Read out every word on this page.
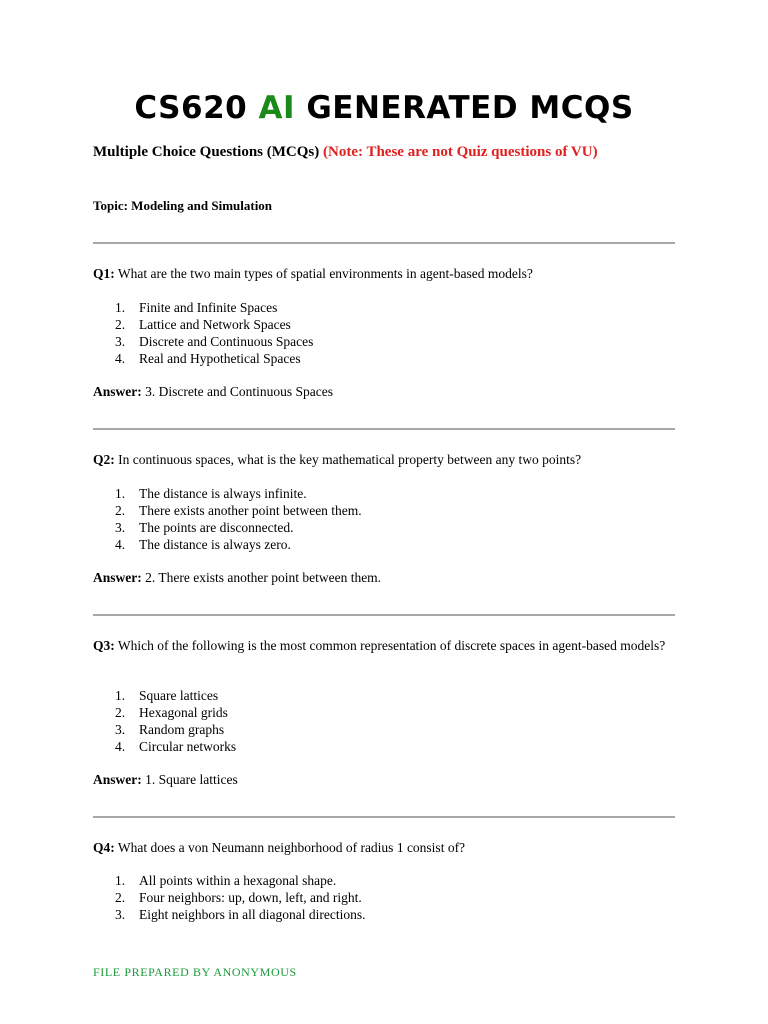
CS620 AI GENERATED MCQS
Multiple Choice Questions (MCQs) (Note: These are not Quiz questions of VU)
Topic: Modeling and Simulation
Q1: What are the two main types of spatial environments in agent-based models?
1. Finite and Infinite Spaces
2. Lattice and Network Spaces
3. Discrete and Continuous Spaces
4. Real and Hypothetical Spaces
Answer: 3. Discrete and Continuous Spaces
Q2: In continuous spaces, what is the key mathematical property between any two points?
1. The distance is always infinite.
2. There exists another point between them.
3. The points are disconnected.
4. The distance is always zero.
Answer: 2. There exists another point between them.
Q3: Which of the following is the most common representation of discrete spaces in agent-based models?
1. Square lattices
2. Hexagonal grids
3. Random graphs
4. Circular networks
Answer: 1. Square lattices
Q4: What does a von Neumann neighborhood of radius 1 consist of?
1. All points within a hexagonal shape.
2. Four neighbors: up, down, left, and right.
3. Eight neighbors in all diagonal directions.
FILE PREPARED BY ANONYMOUS
